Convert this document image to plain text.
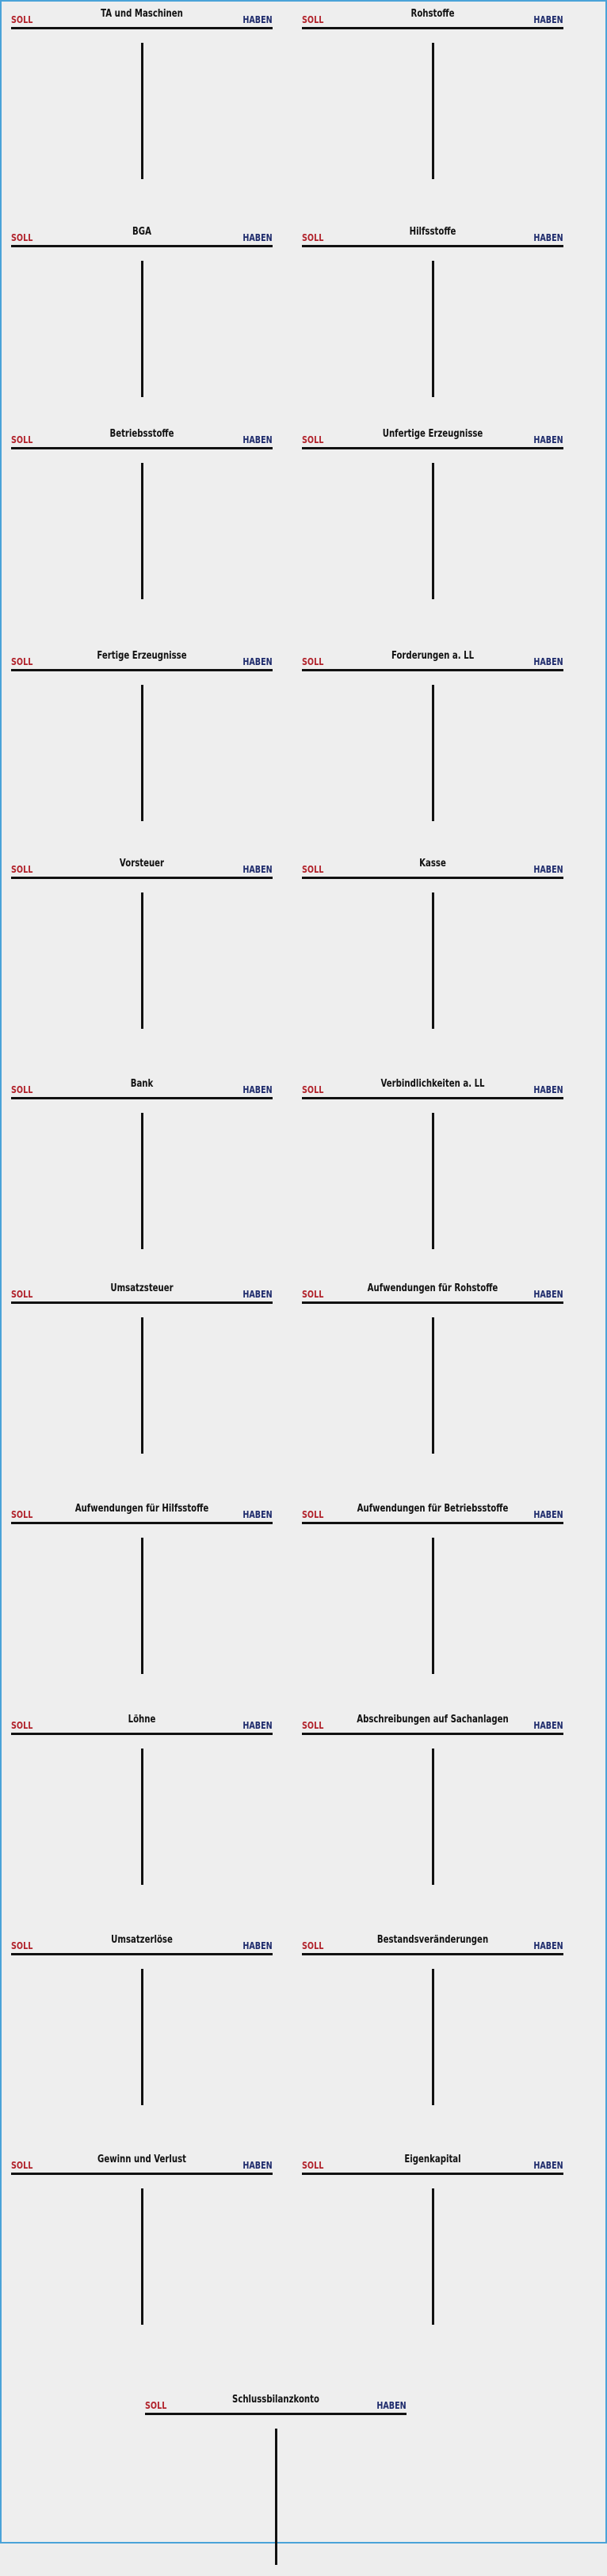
SOLL	TA und Maschinen	HABEN	SOLL	Rohstoffe	HABEN
SOLL	BGA	HABEN	SOLL	Hilfsstoffe	HABEN
SOLL	Betriebsstoffe	HABEN	SOLL	Unfertige Erzeugnisse	HABEN
SOLL	Fertige Erzeugnisse	HABEN	SOLL	Forderungen a. LL	HABEN
SOLL	Vorsteuer	HABEN	SOLL	Kasse	HABEN
SOLL	Bank	HABEN	SOLL	Verbindlichkeiten a. LL	HABEN
SOLL	Umsatzsteuer	HABEN	SOLL	Aufwendungen für Rohstoffe	HABEN
SOLL	Aufwendungen für Hilfsstoffe	HABEN	SOLL	Aufwendungen für Betriebsstoffe	HABEN
SOLL	Löhne	HABEN	SOLL	Abschreibungen auf Sachanlagen	HABEN
SOLL	Umsatzerlöse	HABEN	SOLL	Bestandsveränderungen	HABEN
SOLL	Gewinn und Verlust	HABEN	SOLL	Eigenkapital	HABEN
SOLL	Schlussbilanzkonto	HABEN
